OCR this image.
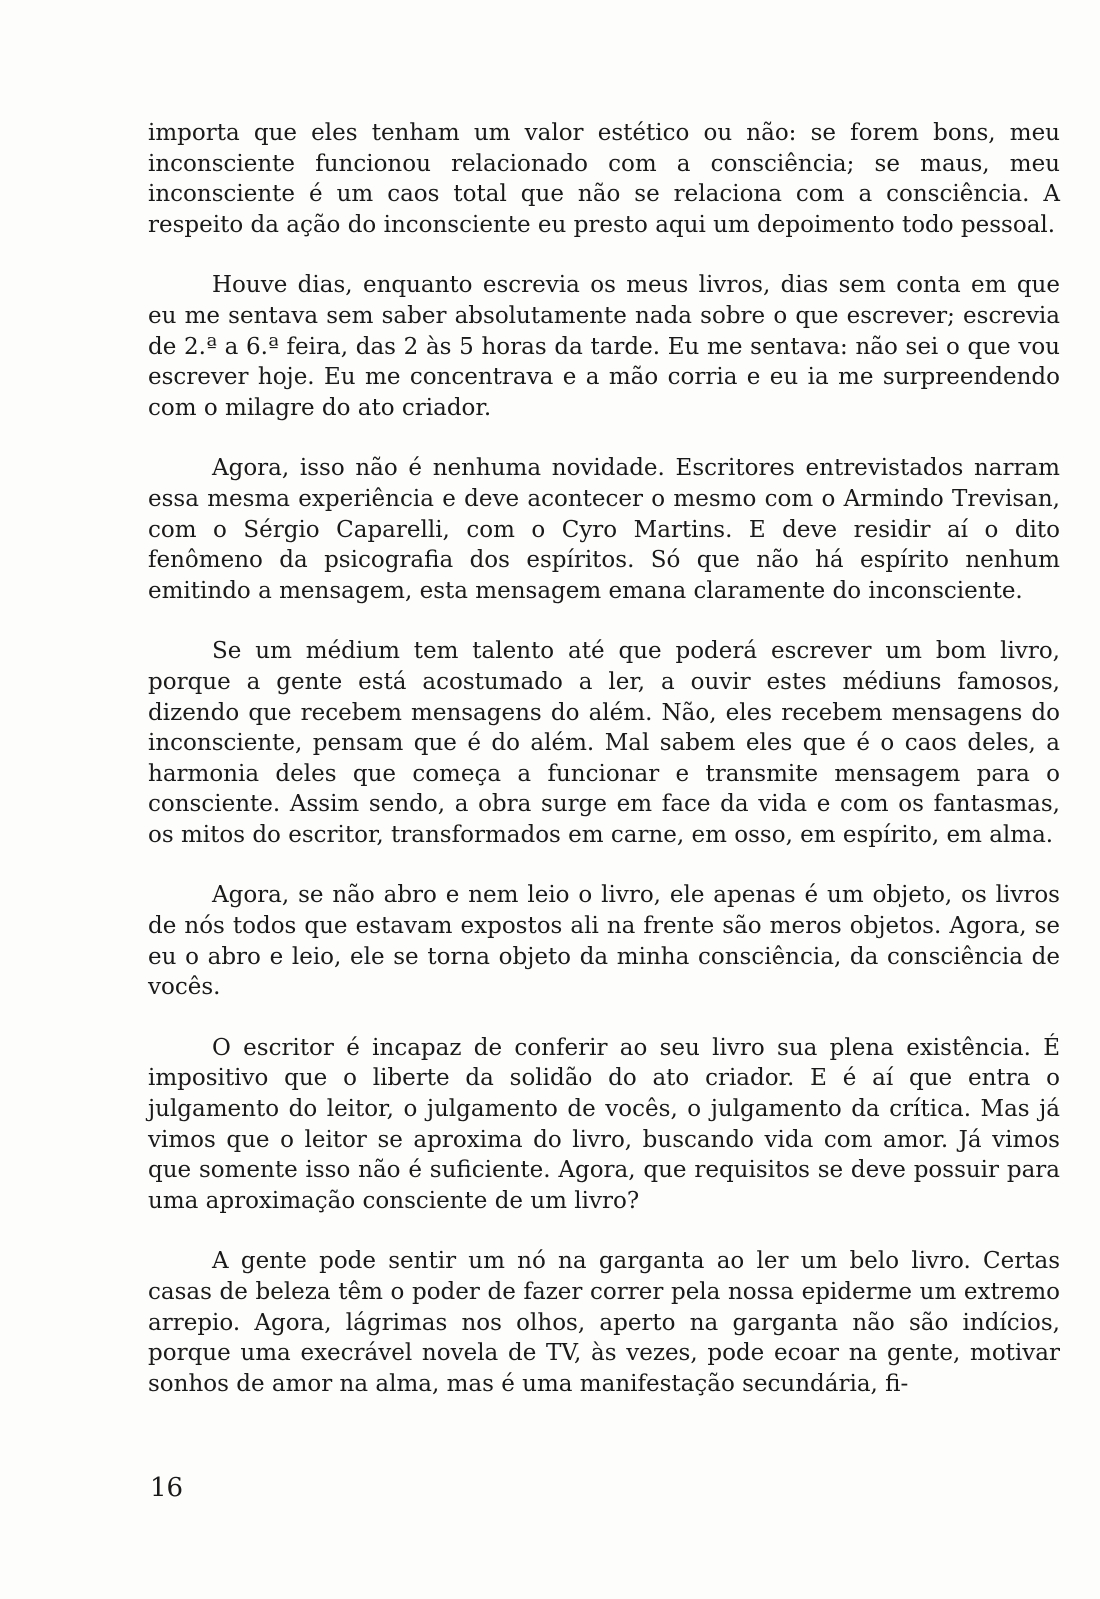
importa que eles tenham um valor estético ou não: se forem bons, meu inconsciente funcionou relacionado com a consciência; se maus, meu inconsciente é um caos total que não se relaciona com a consciência. A respeito da ação do inconsciente eu presto aqui um depoimento todo pessoal.

Houve dias, enquanto escrevia os meus livros, dias sem conta em que eu me sentava sem saber absolutamente nada sobre o que escrever; escrevia de 2.ª a 6.ª feira, das 2 às 5 horas da tarde. Eu me sentava: não sei o que vou escrever hoje. Eu me concentrava e a mão corria e eu ia me surpreendendo com o milagre do ato criador.

Agora, isso não é nenhuma novidade. Escritores entrevistados narram essa mesma experiência e deve acontecer o mesmo com o Armindo Trevisan, com o Sérgio Caparelli, com o Cyro Martins. E deve residir aí o dito fenômeno da psicografia dos espíritos. Só que não há espírito nenhum emitindo a mensagem, esta mensagem emana claramente do inconsciente.

Se um médium tem talento até que poderá escrever um bom livro, porque a gente está acostumado a ler, a ouvir estes médiuns famosos, dizendo que recebem mensagens do além. Não, eles recebem mensagens do inconsciente, pensam que é do além. Mal sabem eles que é o caos deles, a harmonia deles que começa a funcionar e transmite mensagem para o consciente. Assim sendo, a obra surge em face da vida e com os fantasmas, os mitos do escritor, transformados em carne, em osso, em espírito, em alma.

Agora, se não abro e nem leio o livro, ele apenas é um objeto, os livros de nós todos que estavam expostos ali na frente são meros objetos. Agora, se eu o abro e leio, ele se torna objeto da minha consciência, da consciência de vocês.

O escritor é incapaz de conferir ao seu livro sua plena existência. É impositivo que o liberte da solidão do ato criador. E é aí que entra o julgamento do leitor, o julgamento de vocês, o julgamento da crítica. Mas já vimos que o leitor se aproxima do livro, buscando vida com amor. Já vimos que somente isso não é suficiente. Agora, que requisitos se deve possuir para uma aproximação consciente de um livro?

A gente pode sentir um nó na garganta ao ler um belo livro. Certas casas de beleza têm o poder de fazer correr pela nossa epiderme um extremo arrepio. Agora, lágrimas nos olhos, aperto na garganta não são indícios, porque uma execrável novela de TV, às vezes, pode ecoar na gente, motivar sonhos de amor na alma, mas é uma manifestação secundária, fi-

16
